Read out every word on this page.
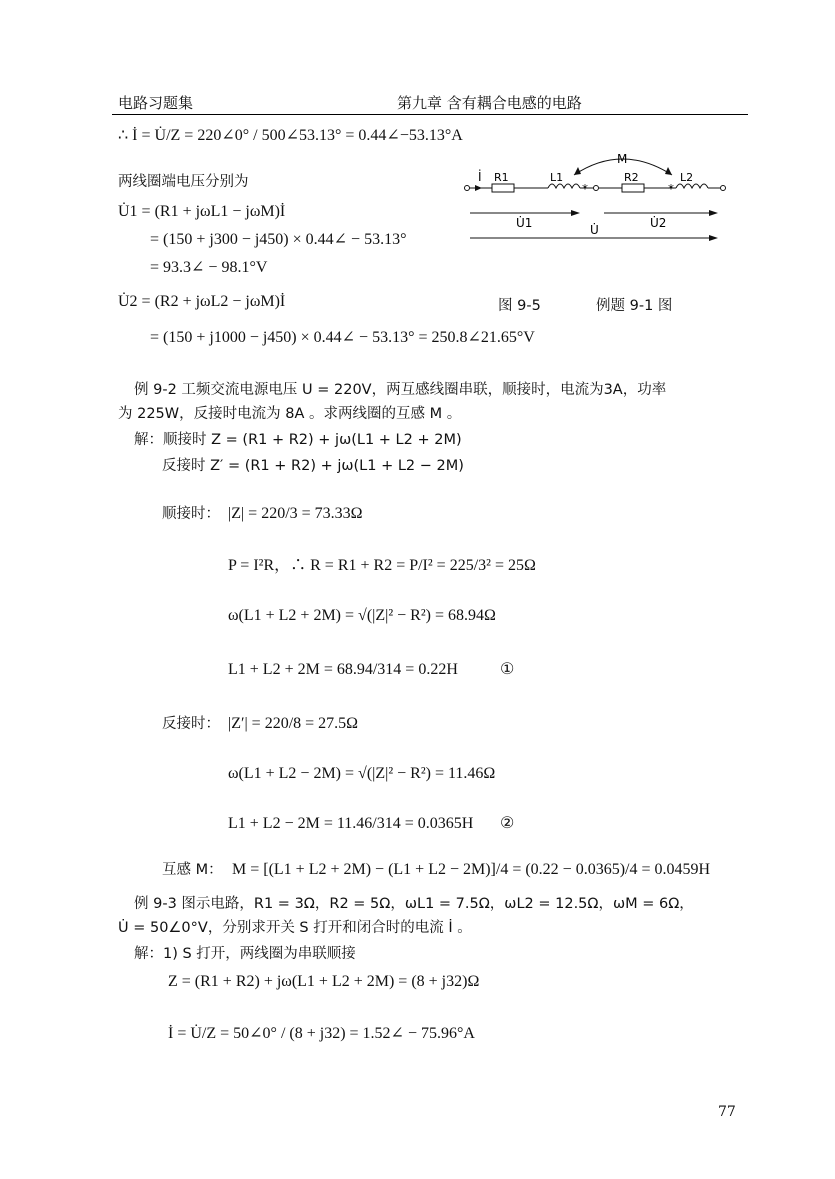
电路习题集	第九章 含有耦合电感的电路
∴ İ = U̇/Z = 220∠0° / 500∠53.13° = 0.44∠−53.13°A
两线圈端电压分别为
U̇1 = (R1 + jωL1 − jωM)İ
= (150 + j300 − j450) × 0.44∠ − 53.13°
= 93.3∠ − 98.1°V
U̇2 = (R2 + jωL2 − jωM)İ
= (150 + j1000 − j450) × 0.44∠ − 53.13° = 250.8∠21.65°V
M
İ R1	L1
*
R2
*
L2
U̇1	U̇2
U̇
图 9-5	例题 9-1 图
例 9-2 工频交流电源电压 U = 220V，两互感线圈串联，顺接时，电流为3A，功率
为 225W，反接时电流为 8A 。求两线圈的互感 M 。
解：顺接时 Z = (R1 + R2) + jω(L1 + L2 + 2M)
反接时 Z′ = (R1 + R2) + jω(L1 + L2 − 2M)
顺接时： |Z| = 220/3 = 73.33Ω
P = I²R，∴ R = R1 + R2 = P/I² = 225/3² = 25Ω
ω(L1 + L2 + 2M) = √(|Z|² − R²) = 68.94Ω
L1 + L2 + 2M = 68.94/314 = 0.22H	①
反接时： |Z′| = 220/8 = 27.5Ω
ω(L1 + L2 − 2M) = √(|Z|² − R²) = 11.46Ω
L1 + L2 − 2M = 11.46/314 = 0.0365H ②
互感 M： M = [(L1 + L2 + 2M) − (L1 + L2 − 2M)]/4 = (0.22 − 0.0365)/4 = 0.0459H
例 9-3 图示电路，R1 = 3Ω，R2 = 5Ω，ωL1 = 7.5Ω，ωL2 = 12.5Ω，ωM = 6Ω，
U̇ = 50∠0°V，分别求开关 S 打开和闭合时的电流 İ 。
解：1) S 打开，两线圈为串联顺接
Z = (R1 + R2) + jω(L1 + L2 + 2M) = (8 + j32)Ω
İ = U̇/Z = 50∠0° / (8 + j32) = 1.52∠ − 75.96°A
77
